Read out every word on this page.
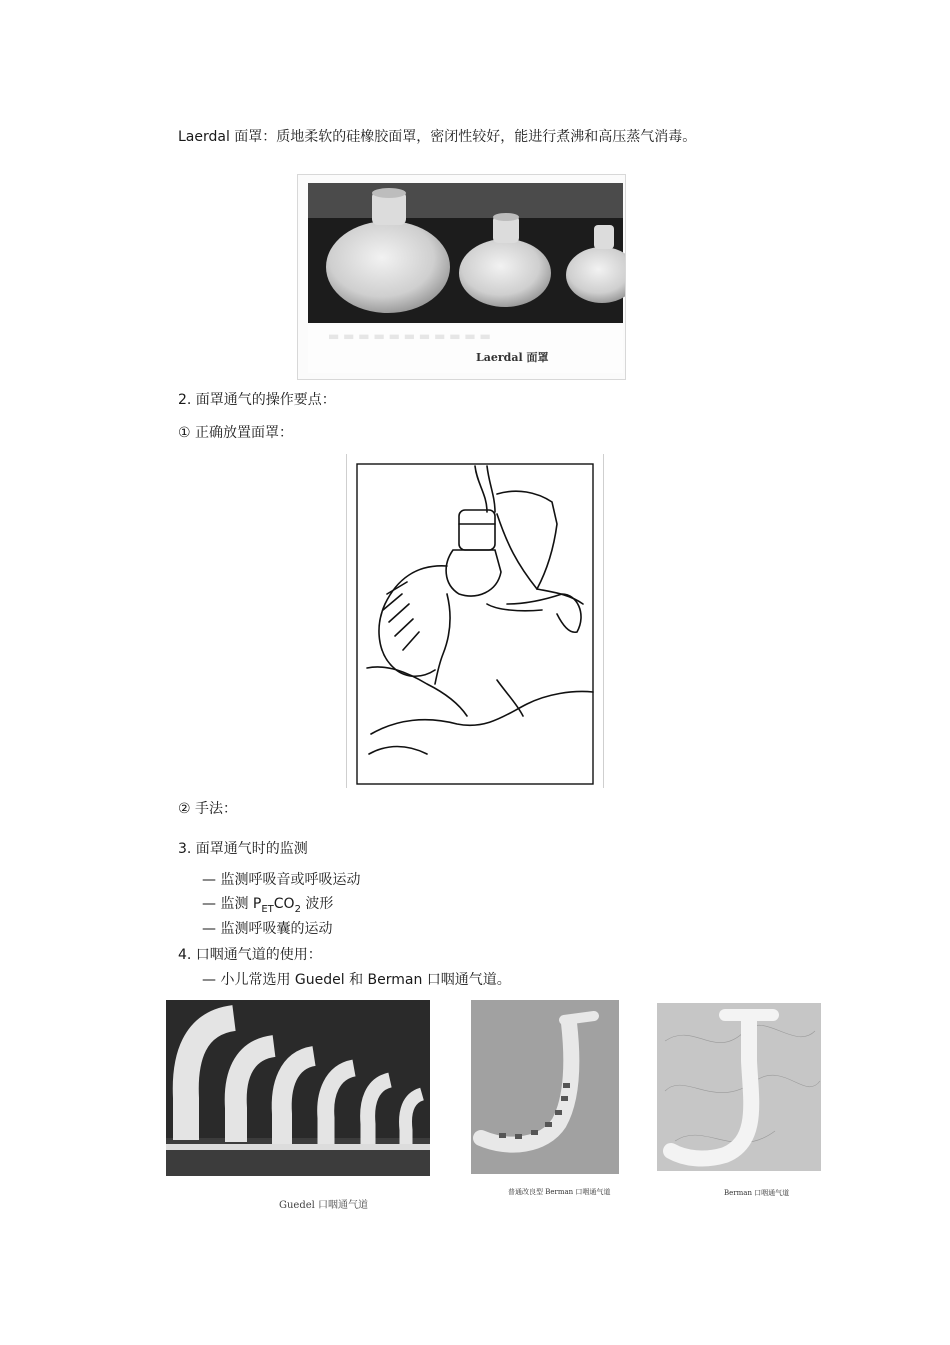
Laerdal 面罩：质地柔软的硅橡胶面罩，密闭性较好，能进行煮沸和高压蒸气消毒。
▬ ▬ ▬ ▬ ▬ ▬ ▬ ▬ ▬ ▬ ▬
Laerdal 面罩
2. 面罩通气的操作要点：
① 正确放置面罩：
② 手法：
3. 面罩通气时的监测
— 监测呼吸音或呼吸运动
— 监测 $P_{ET}CO_2$ 波形
— 监测呼吸囊的运动
4. 口咽通气道的使用：
— 小儿常选用 Guedel 和 Berman 口咽通气道。
Guedel 口咽通气道
普通改良型 Berman 口咽通气道	Berman 口咽通气道
